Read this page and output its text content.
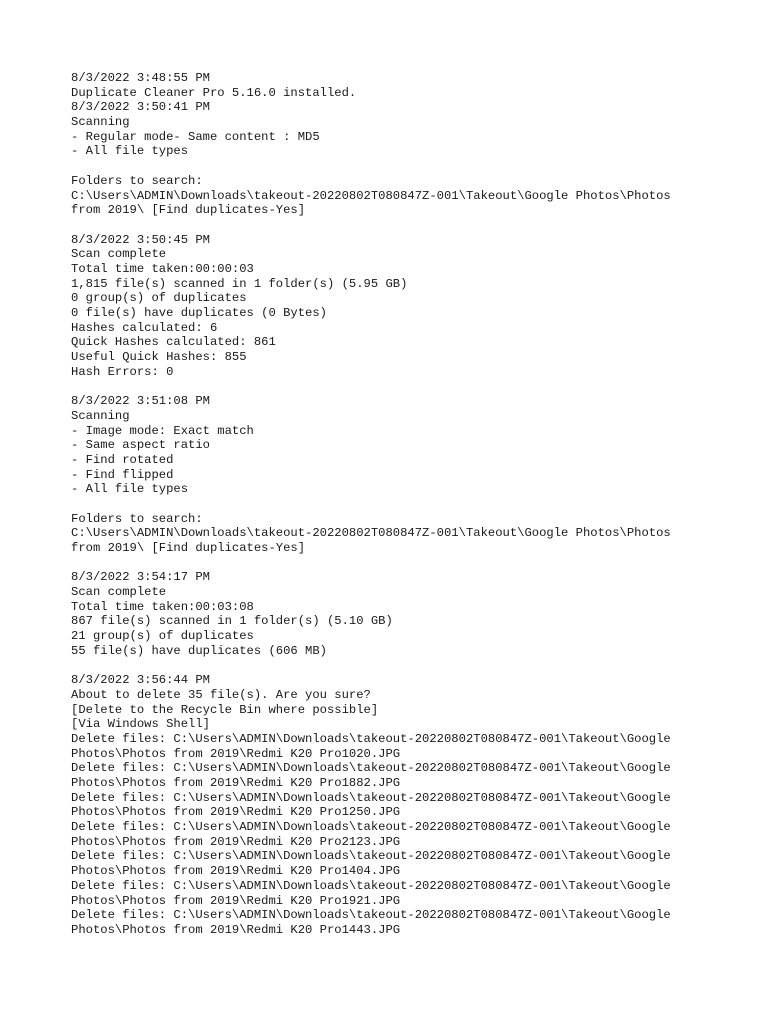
8/3/2022 3:48:55 PM
Duplicate Cleaner Pro 5.16.0 installed.
8/3/2022 3:50:41 PM
Scanning
- Regular mode- Same content : MD5
- All file types
Folders to search:
C:\Users\ADMIN\Downloads\takeout-20220802T080847Z-001\Takeout\Google Photos\Photos
from 2019\ [Find duplicates-Yes]
8/3/2022 3:50:45 PM
Scan complete
Total time taken:00:00:03
1,815 file(s) scanned in 1 folder(s) (5.95 GB)
0 group(s) of duplicates
0 file(s) have duplicates (0 Bytes)
Hashes calculated: 6
Quick Hashes calculated: 861
Useful Quick Hashes: 855
Hash Errors: 0
8/3/2022 3:51:08 PM
Scanning
- Image mode: Exact match
- Same aspect ratio
- Find rotated
- Find flipped
- All file types
Folders to search:
C:\Users\ADMIN\Downloads\takeout-20220802T080847Z-001\Takeout\Google Photos\Photos
from 2019\ [Find duplicates-Yes]
8/3/2022 3:54:17 PM
Scan complete
Total time taken:00:03:08
867 file(s) scanned in 1 folder(s) (5.10 GB)
21 group(s) of duplicates
55 file(s) have duplicates (606 MB)
8/3/2022 3:56:44 PM
About to delete 35 file(s). Are you sure?
[Delete to the Recycle Bin where possible]
[Via Windows Shell]
Delete files: C:\Users\ADMIN\Downloads\takeout-20220802T080847Z-001\Takeout\Google
Photos\Photos from 2019\Redmi K20 Pro1020.JPG
Delete files: C:\Users\ADMIN\Downloads\takeout-20220802T080847Z-001\Takeout\Google
Photos\Photos from 2019\Redmi K20 Pro1882.JPG
Delete files: C:\Users\ADMIN\Downloads\takeout-20220802T080847Z-001\Takeout\Google
Photos\Photos from 2019\Redmi K20 Pro1250.JPG
Delete files: C:\Users\ADMIN\Downloads\takeout-20220802T080847Z-001\Takeout\Google
Photos\Photos from 2019\Redmi K20 Pro2123.JPG
Delete files: C:\Users\ADMIN\Downloads\takeout-20220802T080847Z-001\Takeout\Google
Photos\Photos from 2019\Redmi K20 Pro1404.JPG
Delete files: C:\Users\ADMIN\Downloads\takeout-20220802T080847Z-001\Takeout\Google
Photos\Photos from 2019\Redmi K20 Pro1921.JPG
Delete files: C:\Users\ADMIN\Downloads\takeout-20220802T080847Z-001\Takeout\Google
Photos\Photos from 2019\Redmi K20 Pro1443.JPG
